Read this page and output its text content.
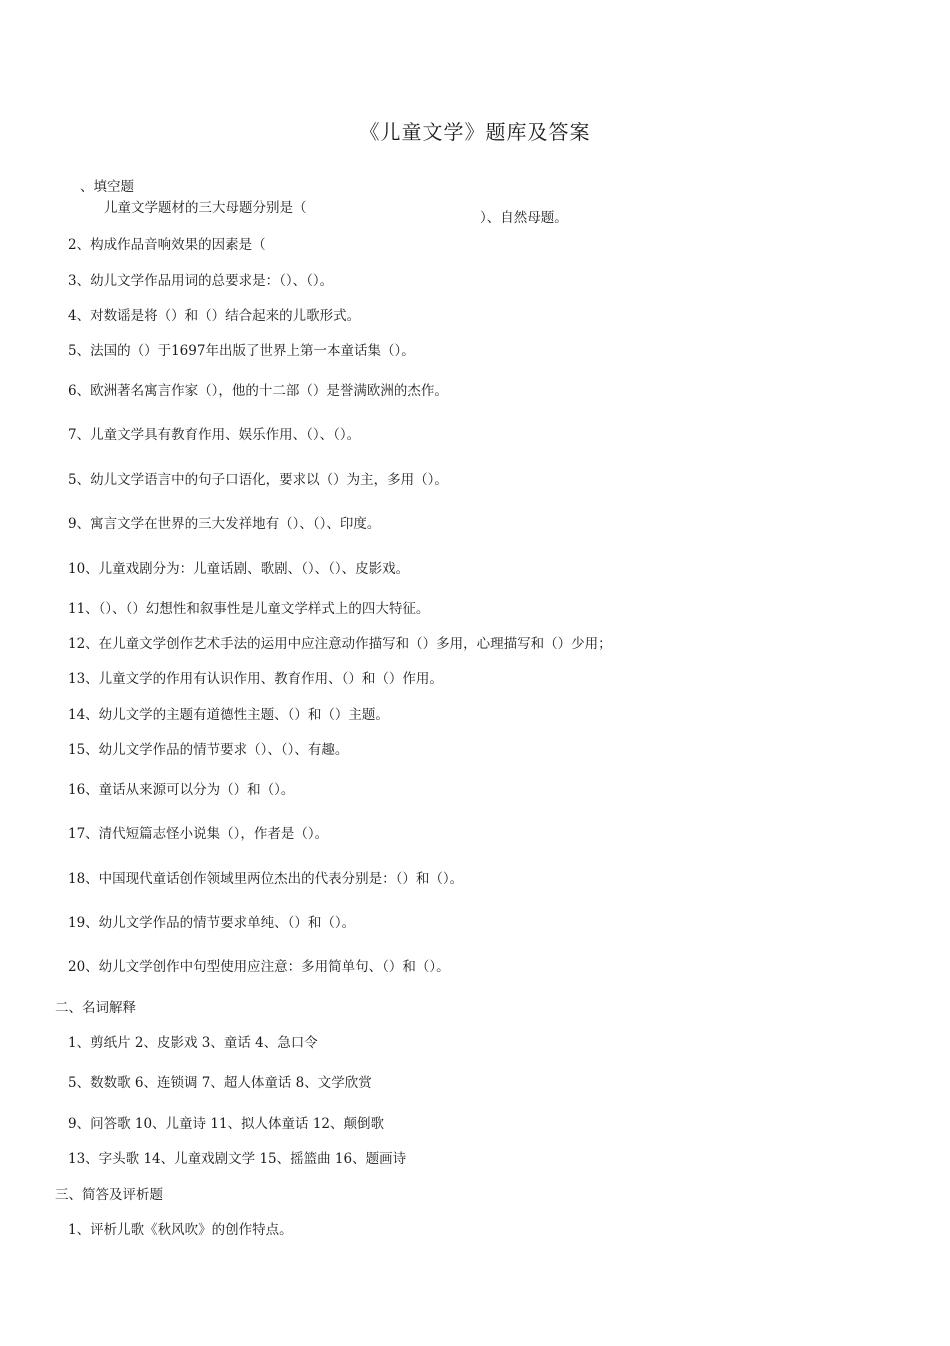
《儿童文学》题库及答案
、填空题
儿童文学题材的三大母题分别是（
）、自然母题。
2、构成作品音响效果的因素是（
3、幼儿文学作品用词的总要求是：（）、（）。
4、对数谣是将（）和（）结合起来的儿歌形式。
5、法国的（）于1697年出版了世界上第一本童话集（）。
6、欧洲著名寓言作家（），他的十二部（）是誉满欧洲的杰作。
7、儿童文学具有教育作用、娱乐作用、（）、（）。
5、幼儿文学语言中的句子口语化，要求以（）为主，多用（）。
9、寓言文学在世界的三大发祥地有（）、（）、印度。
10、儿童戏剧分为：儿童话剧、歌剧、（）、（）、皮影戏。
11、（）、（）幻想性和叙事性是儿童文学样式上的四大特征。
12、在儿童文学创作艺术手法的运用中应注意动作描写和（）多用，心理描写和（）少用；
13、儿童文学的作用有认识作用、教育作用、（）和（）作用。
14、幼儿文学的主题有道德性主题、（）和（）主题。
15、幼儿文学作品的情节要求（）、（）、有趣。
16、童话从来源可以分为（）和（）。
17、清代短篇志怪小说集（），作者是（）。
18、中国现代童话创作领域里两位杰出的代表分别是：（）和（）。
19、幼儿文学作品的情节要求单纯、（）和（）。
20、幼儿文学创作中句型使用应注意：多用简单句、（）和（）。
二、名词解释
1、剪纸片 2、皮影戏 3、童话 4、急口令
5、数数歌 6、连锁调 7、超人体童话 8、文学欣赏
9、问答歌 10、儿童诗 11、拟人体童话 12、颠倒歌
13、字头歌 14、儿童戏剧文学 15、摇篮曲 16、题画诗
三、简答及评析题
1、评析儿歌《秋风吹》的创作特点。
